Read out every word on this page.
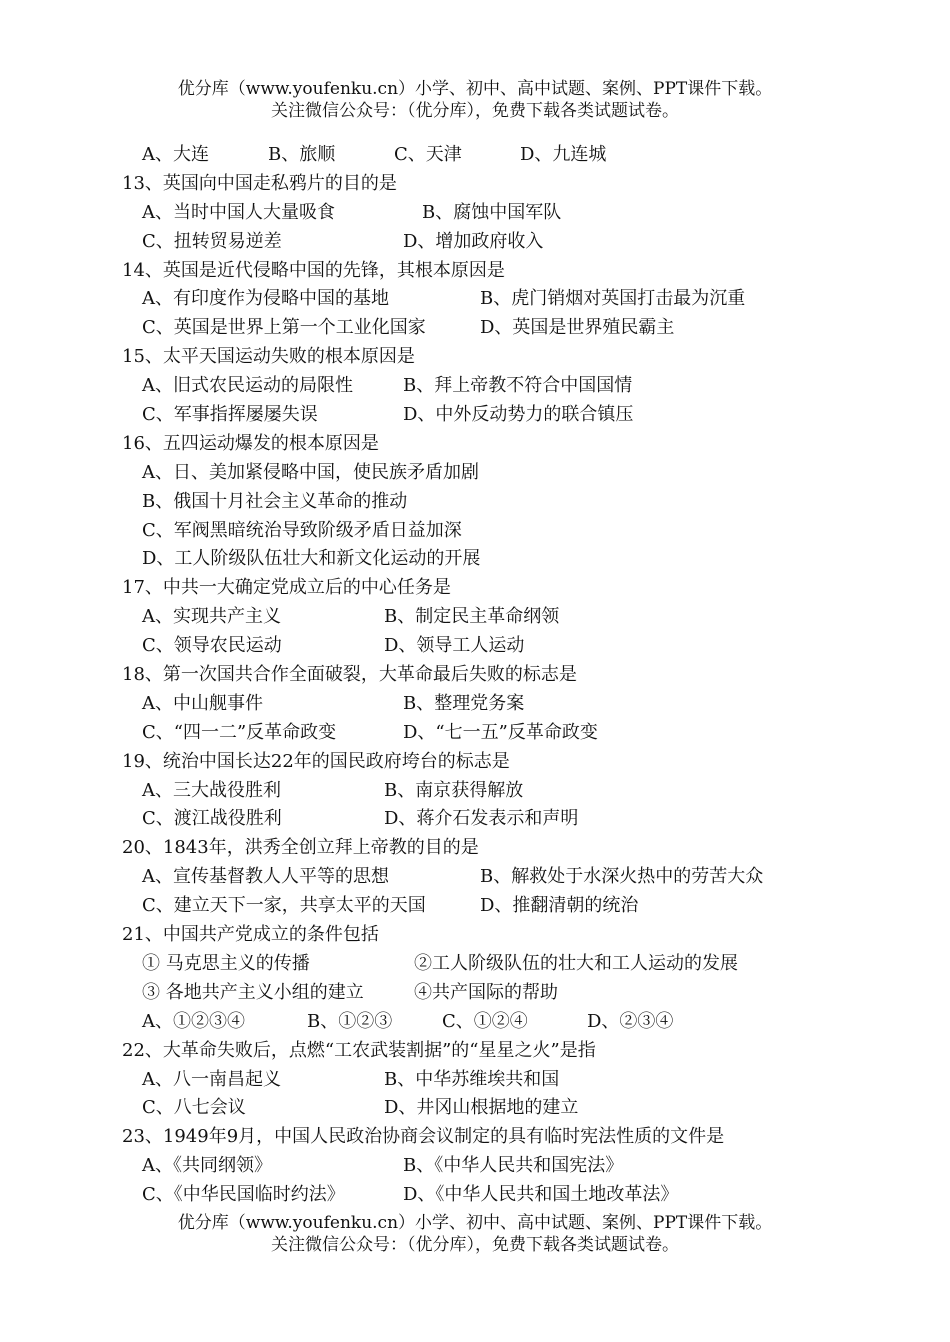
优分库（www.youfenku.cn）小学、初中、高中试题、案例、PPT课件下载。
关注微信公众号：（优分库），免费下载各类试题试卷。
A、大连	B、旅顺	C、天津	D、九连城
13、英国向中国走私鸦片的目的是
A、当时中国人大量吸食	B、腐蚀中国军队
C、扭转贸易逆差	D、增加政府收入
14、英国是近代侵略中国的先锋，其根本原因是
A、有印度作为侵略中国的基地	B、虎门销烟对英国打击最为沉重
C、英国是世界上第一个工业化国家	D、英国是世界殖民霸主
15、太平天国运动失败的根本原因是
A、旧式农民运动的局限性	B、拜上帝教不符合中国国情
C、军事指挥屡屡失误	D、中外反动势力的联合镇压
16、五四运动爆发的根本原因是
A、日、美加紧侵略中国，使民族矛盾加剧
B、俄国十月社会主义革命的推动
C、军阀黑暗统治导致阶级矛盾日益加深
D、工人阶级队伍壮大和新文化运动的开展
17、中共一大确定党成立后的中心任务是
A、实现共产主义	B、制定民主革命纲领
C、领导农民运动	D、领导工人运动
18、第一次国共合作全面破裂，大革命最后失败的标志是
A、中山舰事件	B、整理党务案
C、“四一二”反革命政变	D、“七一五”反革命政变
19、统治中国长达22年的国民政府垮台的标志是
A、三大战役胜利	B、南京获得解放
C、渡江战役胜利	D、蒋介石发表示和声明
20、1843年，洪秀全创立拜上帝教的目的是
A、宣传基督教人人平等的思想	B、解救处于水深火热中的劳苦大众
C、建立天下一家，共享太平的天国	D、推翻清朝的统治
21、中国共产党成立的条件包括
① 马克思主义的传播	②工人阶级队伍的壮大和工人运动的发展
③ 各地共产主义小组的建立	④共产国际的帮助
A、①②③④	B、①②③	C、①②④	D、②③④
22、大革命失败后，点燃“工农武装割据”的“星星之火”是指
A、八一南昌起义	B、中华苏维埃共和国
C、八七会议	D、井冈山根据地的建立
23、1949年9月，中国人民政治协商会议制定的具有临时宪法性质的文件是
A、《共同纲领》	B、《中华人民共和国宪法》
C、《中华民国临时约法》	D、《中华人民共和国土地改革法》
优分库（www.youfenku.cn）小学、初中、高中试题、案例、PPT课件下载。
关注微信公众号：（优分库），免费下载各类试题试卷。
